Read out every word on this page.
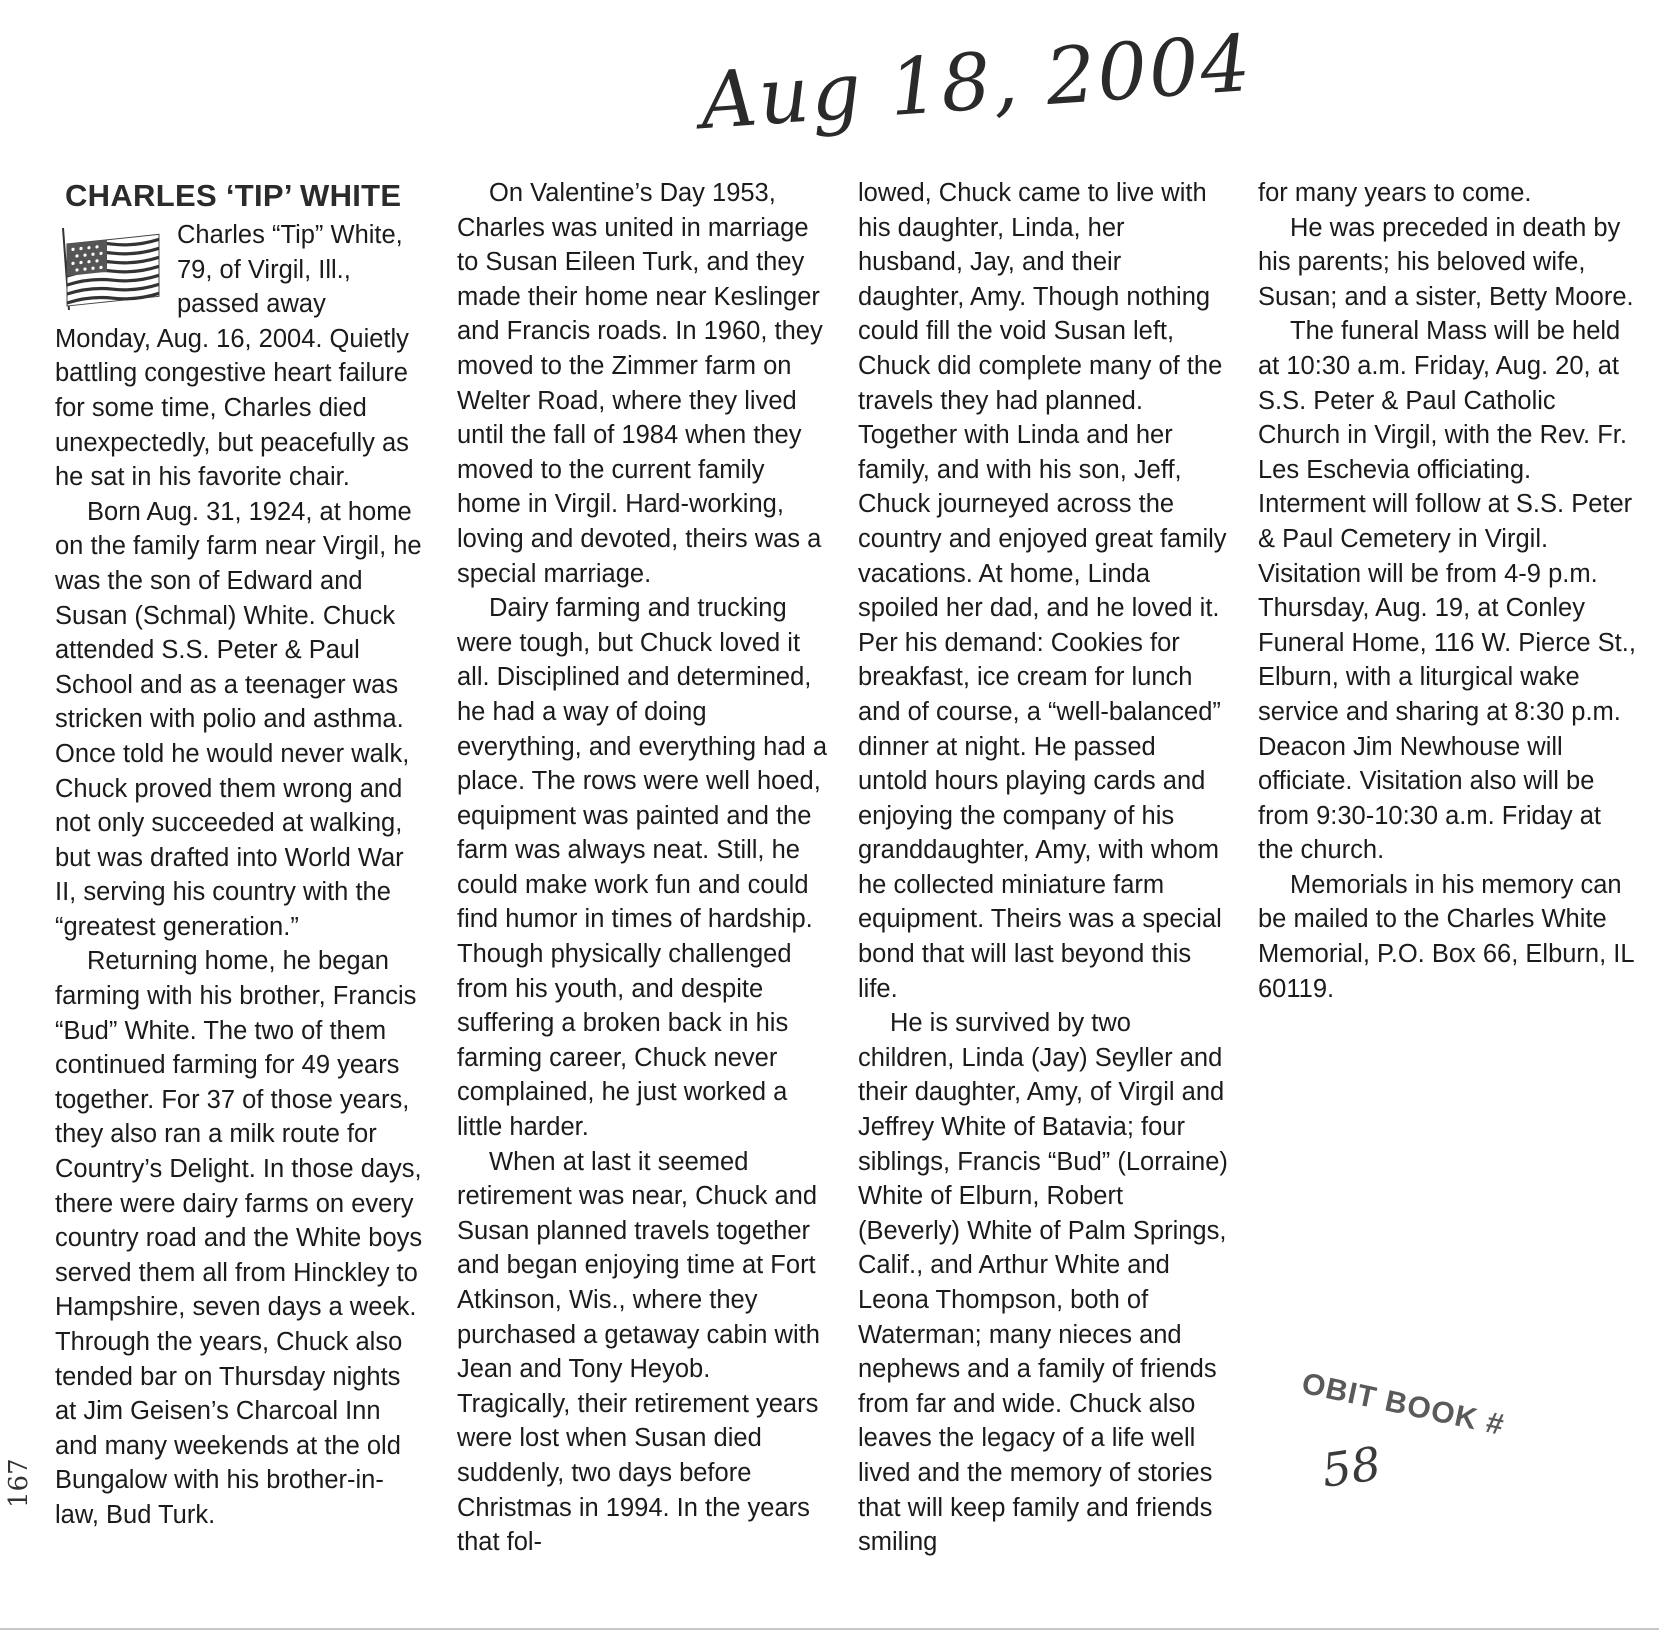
Aug 18, 2004
CHARLES ‘TIP’ WHITE

Charles “Tip” White, 79, of Virgil, Ill., passed away Monday, Aug. 16, 2004. Quietly battling congestive heart failure for some time, Charles died unexpectedly, but peacefully as he sat in his favorite chair.

Born Aug. 31, 1924, at home on the family farm near Virgil, he was the son of Edward and Susan (Schmal) White. Chuck attended S.S. Peter & Paul School and as a teenager was stricken with polio and asthma. Once told he would never walk, Chuck proved them wrong and not only succeeded at walking, but was drafted into World War II, serving his country with the “greatest generation.”

Returning home, he began farming with his brother, Francis “Bud” White. The two of them continued farming for 49 years together. For 37 of those years, they also ran a milk route for Country’s Delight. In those days, there were dairy farms on every country road and the White boys served them all from Hinckley to Hampshire, seven days a week. Through the years, Chuck also tended bar on Thursday nights at Jim Geisen’s Charcoal Inn and many weekends at the old Bungalow with his brother-in-law, Bud Turk.

On Valentine’s Day 1953, Charles was united in marriage to Susan Eileen Turk, and they made their home near Keslinger and Francis roads. In 1960, they moved to the Zimmer farm on Welter Road, where they lived until the fall of 1984 when they moved to the current family home in Virgil. Hard-working, loving and devoted, theirs was a special marriage.

Dairy farming and trucking were tough, but Chuck loved it all. Disciplined and determined, he had a way of doing everything, and everything had a place. The rows were well hoed, equipment was painted and the farm was always neat. Still, he could make work fun and could find humor in times of hardship. Though physically challenged from his youth, and despite suffering a broken back in his farming career, Chuck never complained, he just worked a little harder.

When at last it seemed retirement was near, Chuck and Susan planned travels together and began enjoying time at Fort Atkinson, Wis., where they purchased a getaway cabin with Jean and Tony Heyob. Tragically, their retirement years were lost when Susan died suddenly, two days before Christmas in 1994. In the years that fol-

lowed, Chuck came to live with his daughter, Linda, her husband, Jay, and their daughter, Amy. Though nothing could fill the void Susan left, Chuck did complete many of the travels they had planned. Together with Linda and her family, and with his son, Jeff, Chuck journeyed across the country and enjoyed great family vacations. At home, Linda spoiled her dad, and he loved it. Per his demand: Cookies for breakfast, ice cream for lunch and of course, a “well-balanced” dinner at night. He passed untold hours playing cards and enjoying the company of his granddaughter, Amy, with whom he collected miniature farm equipment. Theirs was a special bond that will last beyond this life.

He is survived by two children, Linda (Jay) Seyller and their daughter, Amy, of Virgil and Jeffrey White of Batavia; four siblings, Francis “Bud” (Lorraine) White of Elburn, Robert (Beverly) White of Palm Springs, Calif., and Arthur White and Leona Thompson, both of Waterman; many nieces and nephews and a family of friends from far and wide. Chuck also leaves the legacy of a life well lived and the memory of stories that will keep family and friends smiling

for many years to come.

He was preceded in death by his parents; his beloved wife, Susan; and a sister, Betty Moore.

The funeral Mass will be held at 10:30 a.m. Friday, Aug. 20, at S.S. Peter & Paul Catholic Church in Virgil, with the Rev. Fr. Les Eschevia officiating. Interment will follow at S.S. Peter & Paul Cemetery in Virgil. Visitation will be from 4-9 p.m. Thursday, Aug. 19, at Conley Funeral Home, 116 W. Pierce St., Elburn, with a liturgical wake service and sharing at 8:30 p.m. Deacon Jim Newhouse will officiate. Visitation also will be from 9:30-10:30 a.m. Friday at the church.

Memorials in his memory can be mailed to the Charles White Memorial, P.O. Box 66, Elburn, IL 60119.

OBIT BOOK #
58
167
